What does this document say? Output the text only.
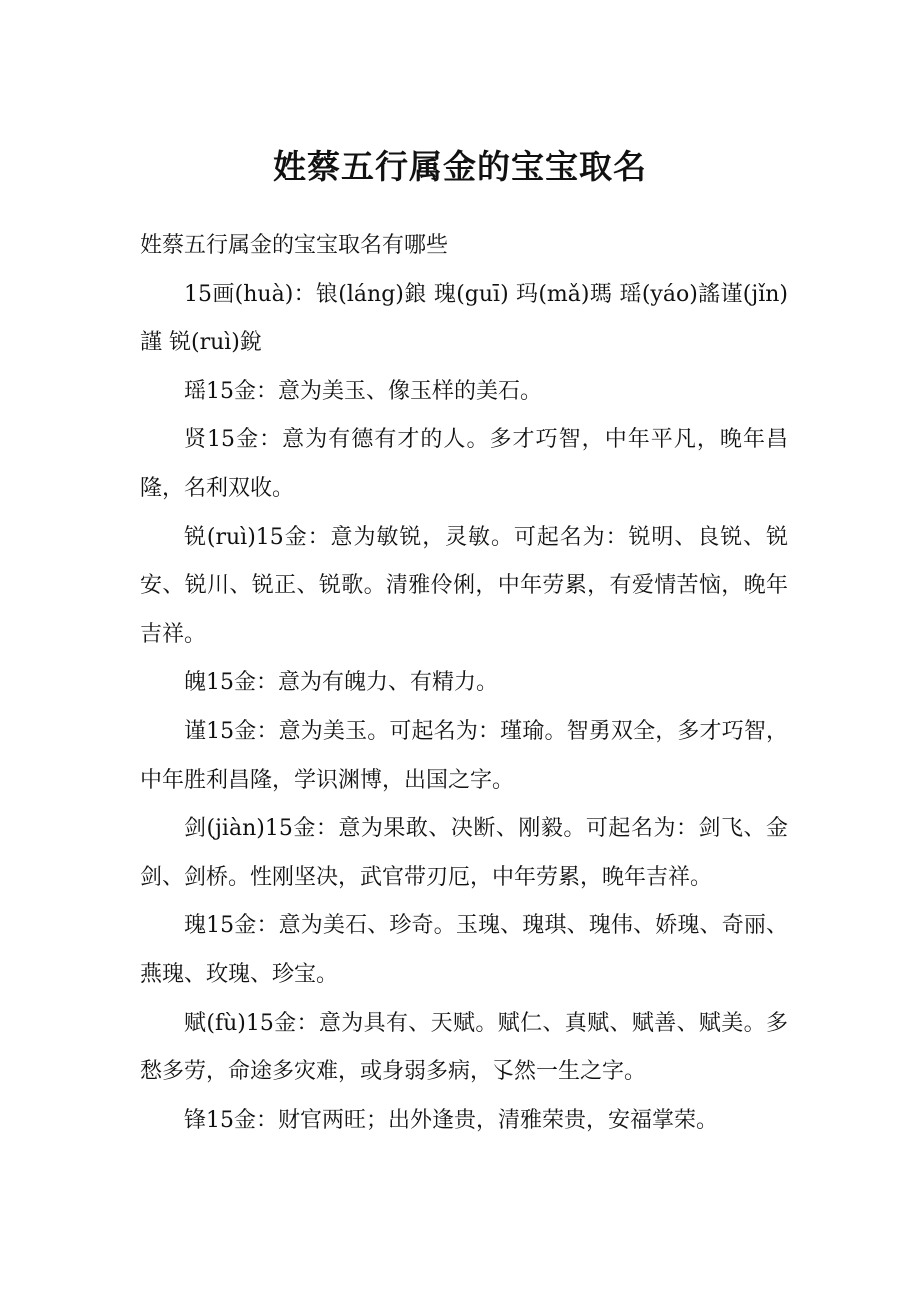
姓蔡五行属金的宝宝取名

姓蔡五行属金的宝宝取名有哪些

15画(huà)：锒(láng)鋃 瑰(guī) 玛(mǎ)瑪 瑶(yáo)謠谨(jǐn)謹 锐(ruì)銳

瑶15金：意为美玉、像玉样的美石。

贤15金：意为有德有才的人。多才巧智，中年平凡，晚年昌隆，名利双收。

锐(ruì)15金：意为敏锐，灵敏。可起名为：锐明、良锐、锐安、锐川、锐正、锐歌。清雅伶俐，中年劳累，有爱情苦恼，晚年吉祥。

魄15金：意为有魄力、有精力。

谨15金：意为美玉。可起名为：瑾瑜。智勇双全，多才巧智，中年胜利昌隆，学识渊博，出国之字。

剑(jiàn)15金：意为果敢、决断、刚毅。可起名为：剑飞、金剑、剑桥。性刚坚决，武官带刃厄，中年劳累，晚年吉祥。

瑰15金：意为美石、珍奇。玉瑰、瑰琪、瑰伟、娇瑰、奇丽、燕瑰、玫瑰、珍宝。

赋(fù)15金：意为具有、天赋。赋仁、真赋、赋善、赋美。多愁多劳，命途多灾难，或身弱多病，孓然一生之字。

锋15金：财官两旺；出外逢贵，清雅荣贵，安福掌荣。
